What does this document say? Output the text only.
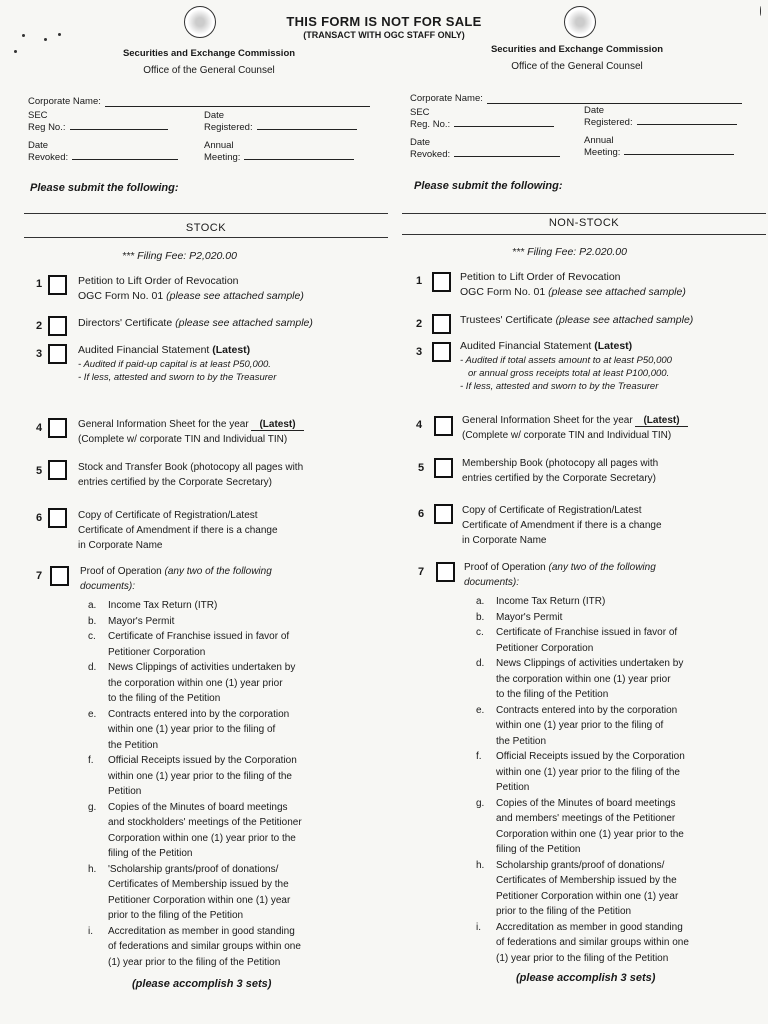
THIS FORM IS NOT FOR SALE
(TRANSACT WITH OGC STAFF ONLY)
Securities and Exchange Commission
Office of the General Counsel
Corporate Name:
SEC
Reg No.:
Date
Registered:
Date
Revoked:
Annual
Meeting:
Please submit the following:
STOCK
*** Filing Fee: P2,020.00
1	Petition to Lift Order of Revocation
OGC Form No. 01 (please see attached sample)
2	Directors' Certificate (please see attached sample)
3	Audited Financial Statement (Latest)
- Audited if paid-up capital is at least P50,000.
- If less, attested and sworn to by the Treasurer
4	General Information Sheet for the year (Latest)
(Complete w/ corporate TIN and Individual TIN)
5	Stock and Transfer Book (photocopy all pages with
entries certified by the Corporate Secretary)
6	Copy of Certificate of Registration/Latest
Certificate of Amendment if there is a change
in Corporate Name
7	Proof of Operation (any two of the following
documents):
a.	Income Tax Return (ITR)
b.	Mayor's Permit
c.	Certificate of Franchise issued in favor of
Petitioner Corporation
d.	News Clippings of activities undertaken by
the corporation within one (1) year prior
to the filing of the Petition
e.	Contracts entered into by the corporation
within one (1) year prior to the filing of
the Petition
f.	Official Receipts issued by the Corporation
within one (1) year prior to the filing of the
Petition
g.	Copies of the Minutes of board meetings
and stockholders' meetings of the Petitioner
Corporation within one (1) year prior to the
filing of the Petition
h.	'Scholarship grants/proof of donations/
Certificates of Membership issued by the
Petitioner Corporation within one (1) year
prior to the filing of the Petition
i.	Accreditation as member in good standing
of federations and similar groups within one
(1) year prior to the filing of the Petition
(please accomplish 3 sets)
Securities and Exchange Commission
Office of the General Counsel
Corporate Name:
SEC
Reg. No.:
Date
Registered:
Date
Revoked:
Annual
Meeting:
Please submit the following:
NON-STOCK
*** Filing Fee: P2.020.00
1	Petition to Lift Order of Revocation
OGC Form No. 01 (please see attached sample)
2	Trustees' Certificate (please see attached sample)
3	Audited Financial Statement (Latest)
- Audited if total assets amount to at least P50,000
or annual gross receipts total at least P100,000.
- If less, attested and sworn to by the Treasurer
4	General Information Sheet for the year (Latest)
(Complete w/ corporate TIN and Individual TIN)
5	Membership Book (photocopy all pages with
entries certified by the Corporate Secretary)
6	Copy of Certificate of Registration/Latest
Certificate of Amendment if there is a change
in Corporate Name
7	Proof of Operation (any two of the following
documents):
a.	Income Tax Return (ITR)
b.	Mayor's Permit
c.	Certificate of Franchise issued in favor of
Petitioner Corporation
d.	News Clippings of activities undertaken by
the corporation within one (1) year prior
to the filing of the Petition
e.	Contracts entered into by the corporation
within one (1) year prior to the filing of
the Petition
f.	Official Receipts issued by the Corporation
within one (1) year prior to the filing of the
Petition
g.	Copies of the Minutes of board meetings
and members' meetings of the Petitioner
Corporation within one (1) year prior to the
filing of the Petition
h.	Scholarship grants/proof of donations/
Certificates of Membership issued by the
Petitioner Corporation within one (1) year
prior to the filing of the Petition
i.	Accreditation as member in good standing
of federations and similar groups within one
(1) year prior to the filing of the Petition
(please accomplish 3 sets)
